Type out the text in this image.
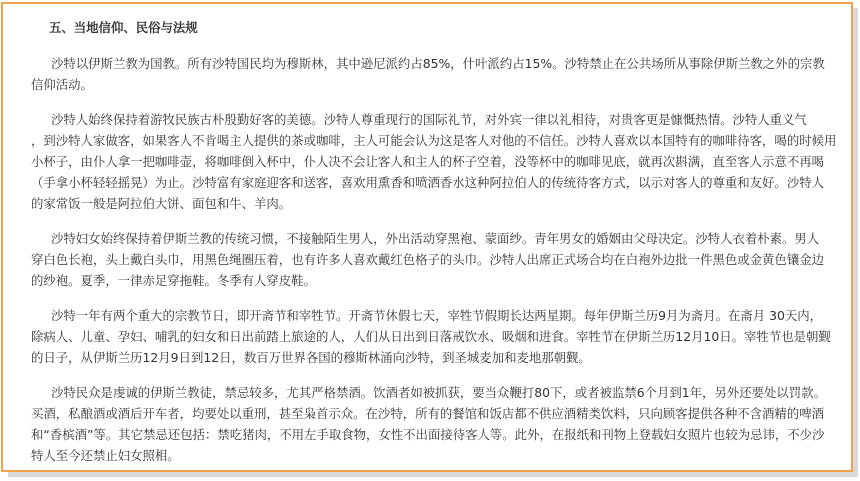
五、当地信仰、民俗与法规
沙特以伊斯兰教为国教。所有沙特国民均为穆斯林，其中逊尼派约占85%，什叶派约占15%。沙特禁止在公共场所从事除伊斯兰教之外的宗教
信仰活动。
沙特人始终保持着游牧民族古朴殷勤好客的美德。沙特人尊重现行的国际礼节，对外宾一律以礼相待，对贵客更是慷慨热情。沙特人重义气
，到沙特人家做客，如果客人不肯喝主人提供的茶或咖啡，主人可能会认为这是客人对他的不信任。沙特人喜欢以本国特有的咖啡待客，喝的时候用
小杯子，由仆人拿一把咖啡壶，将咖啡倒入杯中，仆人决不会让客人和主人的杯子空着，没等杯中的咖啡见底，就再次斟满，直至客人示意不再喝
（手拿小杯轻轻摇晃）为止。沙特富有家庭迎客和送客，喜欢用熏香和喷洒香水这种阿拉伯人的传统待客方式，以示对客人的尊重和友好。沙特人
的家常饭一般是阿拉伯大饼、面包和牛、羊肉。
沙特妇女始终保持着伊斯兰教的传统习惯，不接触陌生男人，外出活动穿黑袍、蒙面纱。青年男女的婚姻由父母决定。沙特人衣着朴素。男人
穿白色长袍，头上戴白头巾，用黑色绳圈压着，也有许多人喜欢戴红色格子的头巾。沙特人出席正式场合均在白袍外边批一件黑色或金黄色镶金边
的纱袍。夏季，一律赤足穿拖鞋。冬季有人穿皮鞋。
沙特一年有两个重大的宗教节日，即开斋节和宰牲节。开斋节休假七天，宰牲节假期长达两星期。每年伊斯兰历9月为斋月。在斋月 30天内，
除病人、儿童、孕妇、哺乳的妇女和日出前踏上旅途的人，人们从日出到日落戒饮水、吸烟和进食。宰牲节在伊斯兰历12月10日。宰牲节也是朝觐
的日子，从伊斯兰历12月9日到12日，数百万世界各国的穆斯林涌向沙特，到圣城麦加和麦地那朝觐。
沙特民众是虔诚的伊斯兰教徒，禁忌较多，尤其严格禁酒。饮酒者如被抓获，要当众鞭打80下，或者被监禁6个月到1年，另外还要处以罚款。
买酒，私酿酒或酒后开车者，均要处以重刑，甚至枭首示众。在沙特，所有的餐馆和饭店都不供应酒精类饮料，只向顾客提供各种不含酒精的啤酒
和“香槟酒”等。其它禁忌还包括：禁吃猪肉，不用左手取食物，女性不出面接待客人等。此外，在报纸和刊物上登载妇女照片也较为忌讳，不少沙
特人至今还禁止妇女照相。
